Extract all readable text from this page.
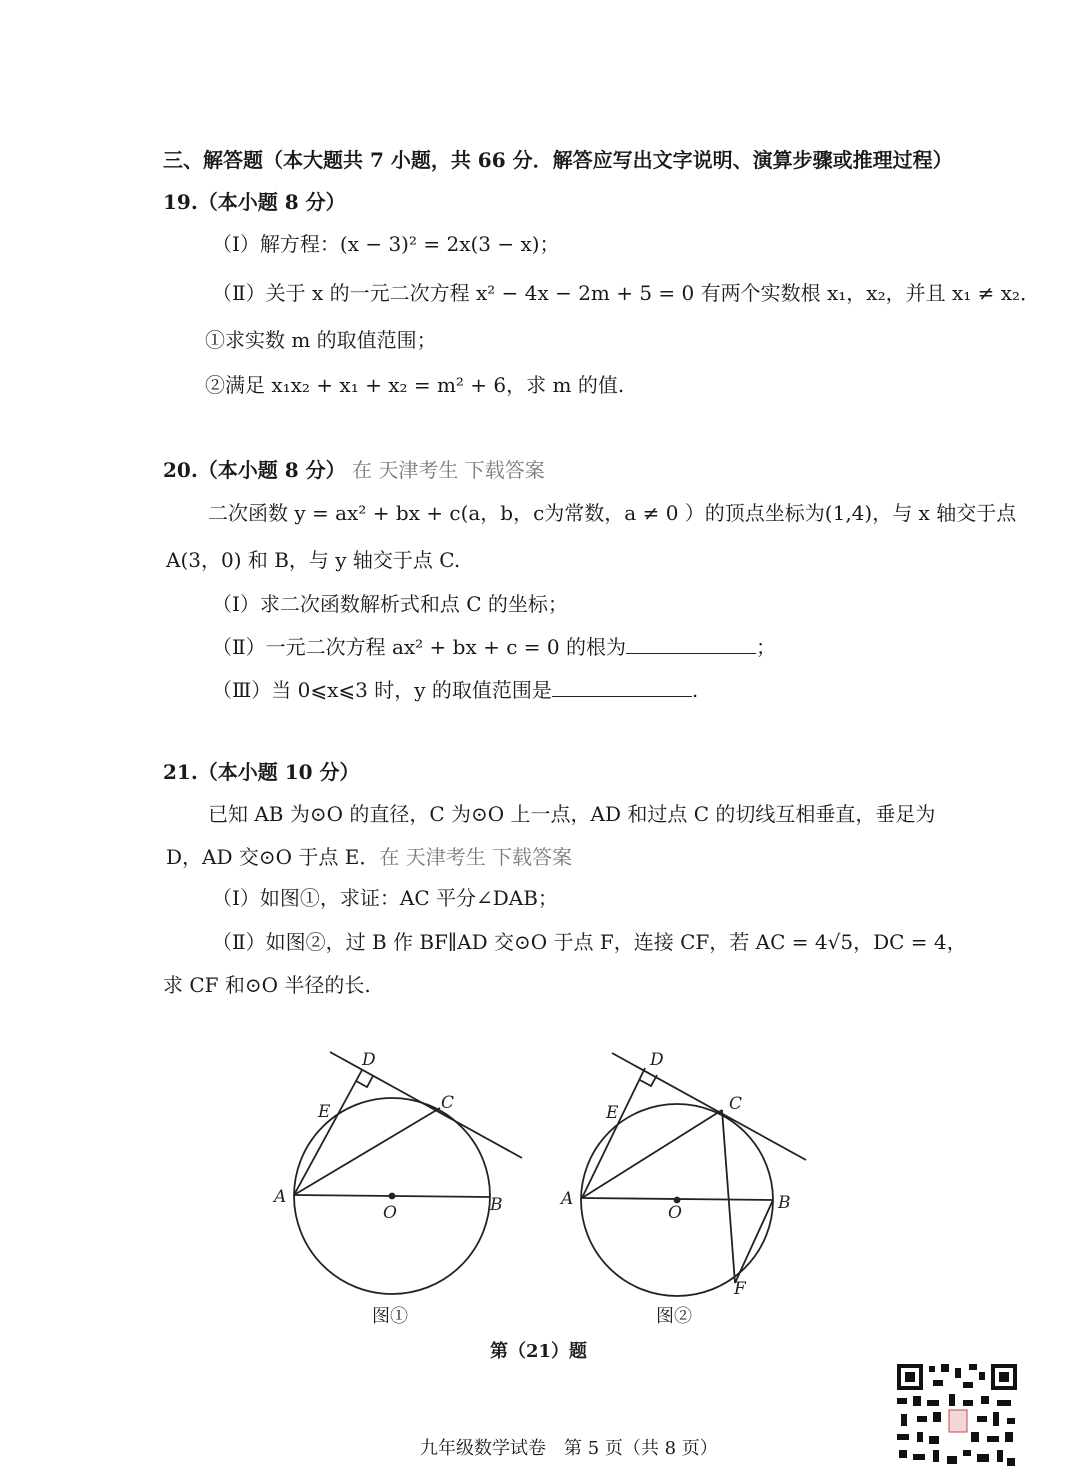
三、解答题（本大题共 7 小题，共 66 分．解答应写出文字说明、演算步骤或推理过程）
19.（本小题 8 分）
（Ⅰ）解方程：(x − 3)² = 2x(3 − x)；
（Ⅱ）关于 x 的一元二次方程 x² − 4x − 2m + 5 = 0 有两个实数根 x₁，x₂，并且 x₁ ≠ x₂．
①求实数 m 的取值范围；
②满足 x₁x₂ + x₁ + x₂ = m² + 6，求 m 的值.
20.（本小题 8 分） 在 天津考生 下载答案
二次函数 y = ax² + bx + c(a，b，c为常数，a ≠ 0 ）的顶点坐标为(1,4)，与 x 轴交于点
A(3，0) 和 B，与 y 轴交于点 C.
（Ⅰ）求二次函数解析式和点 C 的坐标；
（Ⅱ）一元二次方程 ax² + bx + c = 0 的根为	；
（Ⅲ）当 0⩽x⩽3 时，y 的取值范围是	.
21.（本小题 10 分）
已知 AB 为⊙O 的直径，C 为⊙O 上一点，AD 和过点 C 的切线互相垂直，垂足为
D，AD 交⊙O 于点 E．在 天津考生 下载答案
（Ⅰ）如图①，求证：AC 平分∠DAB；
（Ⅱ）如图②，过 B 作 BF∥AD 交⊙O 于点 F，连接 CF，若 AC = 4√5，DC = 4，
求 CF 和⊙O 半径的长.
D
E	C
A
O	B
D
E	C
A
O	B
F
图①	图②
第（21）题
九年级数学试卷　第 5 页（共 8 页）
